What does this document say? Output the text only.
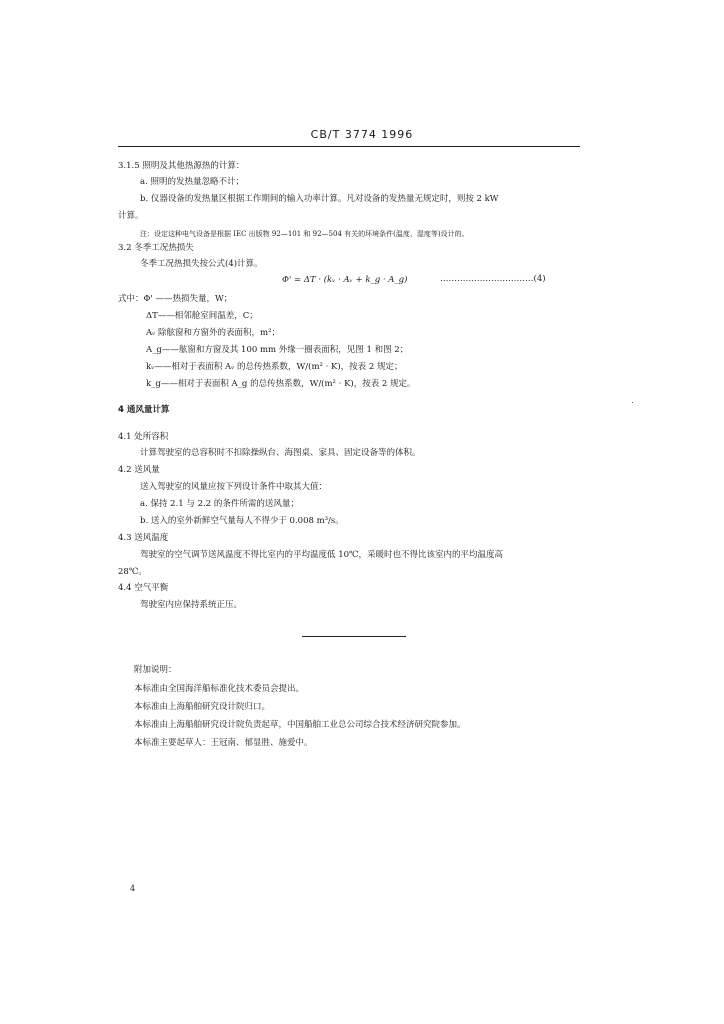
CB/T 3774 1996
3.1.5 照明及其他热源热的计算：
a. 照明的发热量忽略不计；
b. 仪器设备的发热量区根据工作期间的输入功率计算。凡对设备的发热量无规定时，则按 2 kW
计算。
注：设定这种电气设备是根据 IEC 出版物 92—101 和 92—504 有关的环境条件(温度、湿度等)设计的。
3.2 冬季工况热损失
冬季工况热损失按公式(4)计算。
Φ' = ΔT · (kᵥ · Aᵥ + k_g · A_g)	……………………………(4)
式中：Φ' ——热损失量，W；
ΔT——相邻舱室间温差，C；
Aᵥ 除舷窗和方窗外的表面积，m²；
A_g——舷窗和方窗及其 100 mm 外缘一圈表面积，见图 1 和图 2；
kᵥ——相对于表面积 Aᵥ 的总传热系数，W/(m² · K)，按表 2 规定；
k_g——相对于表面积 A_g 的总传热系数，W/(m² · K)，按表 2 规定。
4 通风量计算
4.1 处所容积
计算驾驶室的总容积时不扣除操纵台、海图桌、家具、固定设备等的体积。
4.2 送风量
送入驾驶室的风量应按下列设计条件中取其大值：
a. 保持 2.1 与 2.2 的条件所需的送风量；
b. 送入的室外新鲜空气量每人不得少于 0.008 m³/s。
4.3 送风温度
驾驶室的空气调节送风温度不得比室内的平均温度低 10℃，采暖时也不得比该室内的平均温度高
28℃。
4.4 空气平衡
驾驶室内应保持系统正压。
附加说明：
本标准由全国海洋船标准化技术委员会提出。
本标准由上海船舶研究设计院归口。
本标准由上海船舶研究设计院负责起草，中国船舶工业总公司综合技术经济研究院参加。
本标准主要起草人：王冠南、郁显胜、施爱中。
4
